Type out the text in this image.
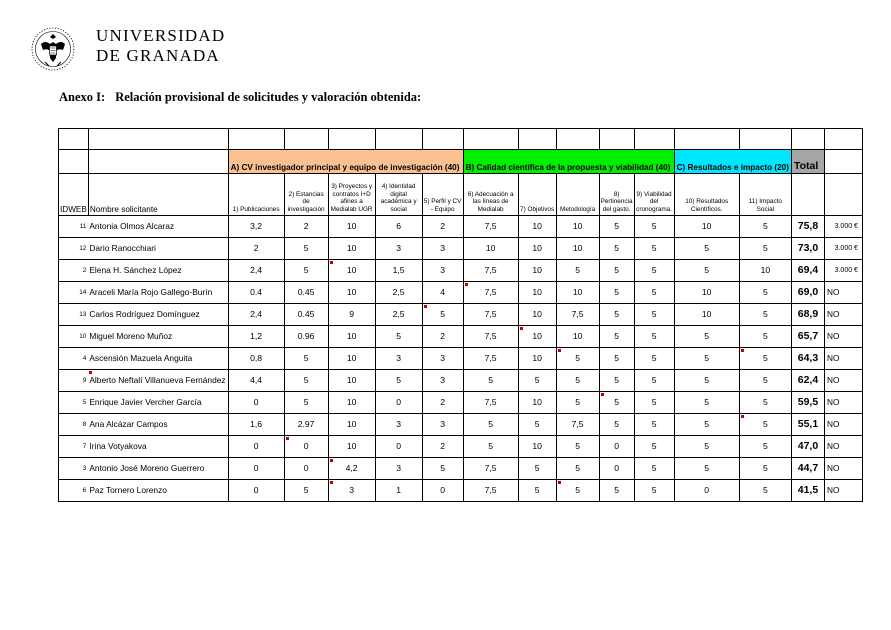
UNIVERSIDAD
DE GRANADA
Anexo I: Relación provisional de solicitudes y valoración obtenida:

		A) CV investigador principal y equipo de investigación (40)					B) Calidad científica de la propuesta y viabilidad (40)					C) Resultados e impacto (20)		Total	
IDWEB	Nombre solicitante	1) Publicaciones	2) Estancias de investigación	3) Proyectos y contratos I+D afines a Medialab UGR	4) Identidad digital académica y social	5) Perfil y CV - Equipo	6) Adecuación a las líneas de Medialab	7) Objetivos	Metodología	8) Pertinencia del gasto.	9) Viabilidad del cronograma.	10) Resultados Científicos.	11) Impacto Social		
11	Antonia Olmos Alcaraz	3,2	2	10	6	2	7,5	10	10	5	5	10	5	75,8	3.000 €
12	Dario Ranocchiari	2	5	10	3	3	10	10	10	5	5	5	5	73,0	3.000 €
2	Elena H. Sánchez López	2,4	5	10	1,5	3	7,5	10	5	5	5	5	10	69,4	3.000 €
14	Araceli María Rojo Gallego-Burín	0.4	0.45	10	2,5	4	7,5	10	10	5	5	10	5	69,0	NO
13	Carlos Rodríguez Domínguez	2,4	0.45	9	2,5	5	7,5	10	7,5	5	5	10	5	68,9	NO
10	Miguel Moreno Muñoz	1,2	0.96	10	5	2	7,5	10	10	5	5	5	5	65,7	NO
4	Ascensión Mazuela Anguita	0,8	5	10	3	3	7,5	10	5	5	5	5	5	64,3	NO
9	Alberto Neftalí Villanueva Fernández	4,4	5	10	5	3	5	5	5	5	5	5	5	62,4	NO
5	Enrique Javier Vercher García	0	5	10	0	2	7,5	10	5	5	5	5	5	59,5	NO
8	Ana Alcázar Campos	1,6	2.97	10	3	3	5	5	7,5	5	5	5	5	55,1	NO
7	Irina Votyakova	0	0	10	0	2	5	10	5	0	5	5	5	47,0	NO
3	Antonio José Moreno Guerrero	0	0	4,2	3	5	7,5	5	5	0	5	5	5	44,7	NO
6	Paz Tornero Lorenzo	0	5	3	1	0	7,5	5	5	5	5	0	5	41,5	NO
